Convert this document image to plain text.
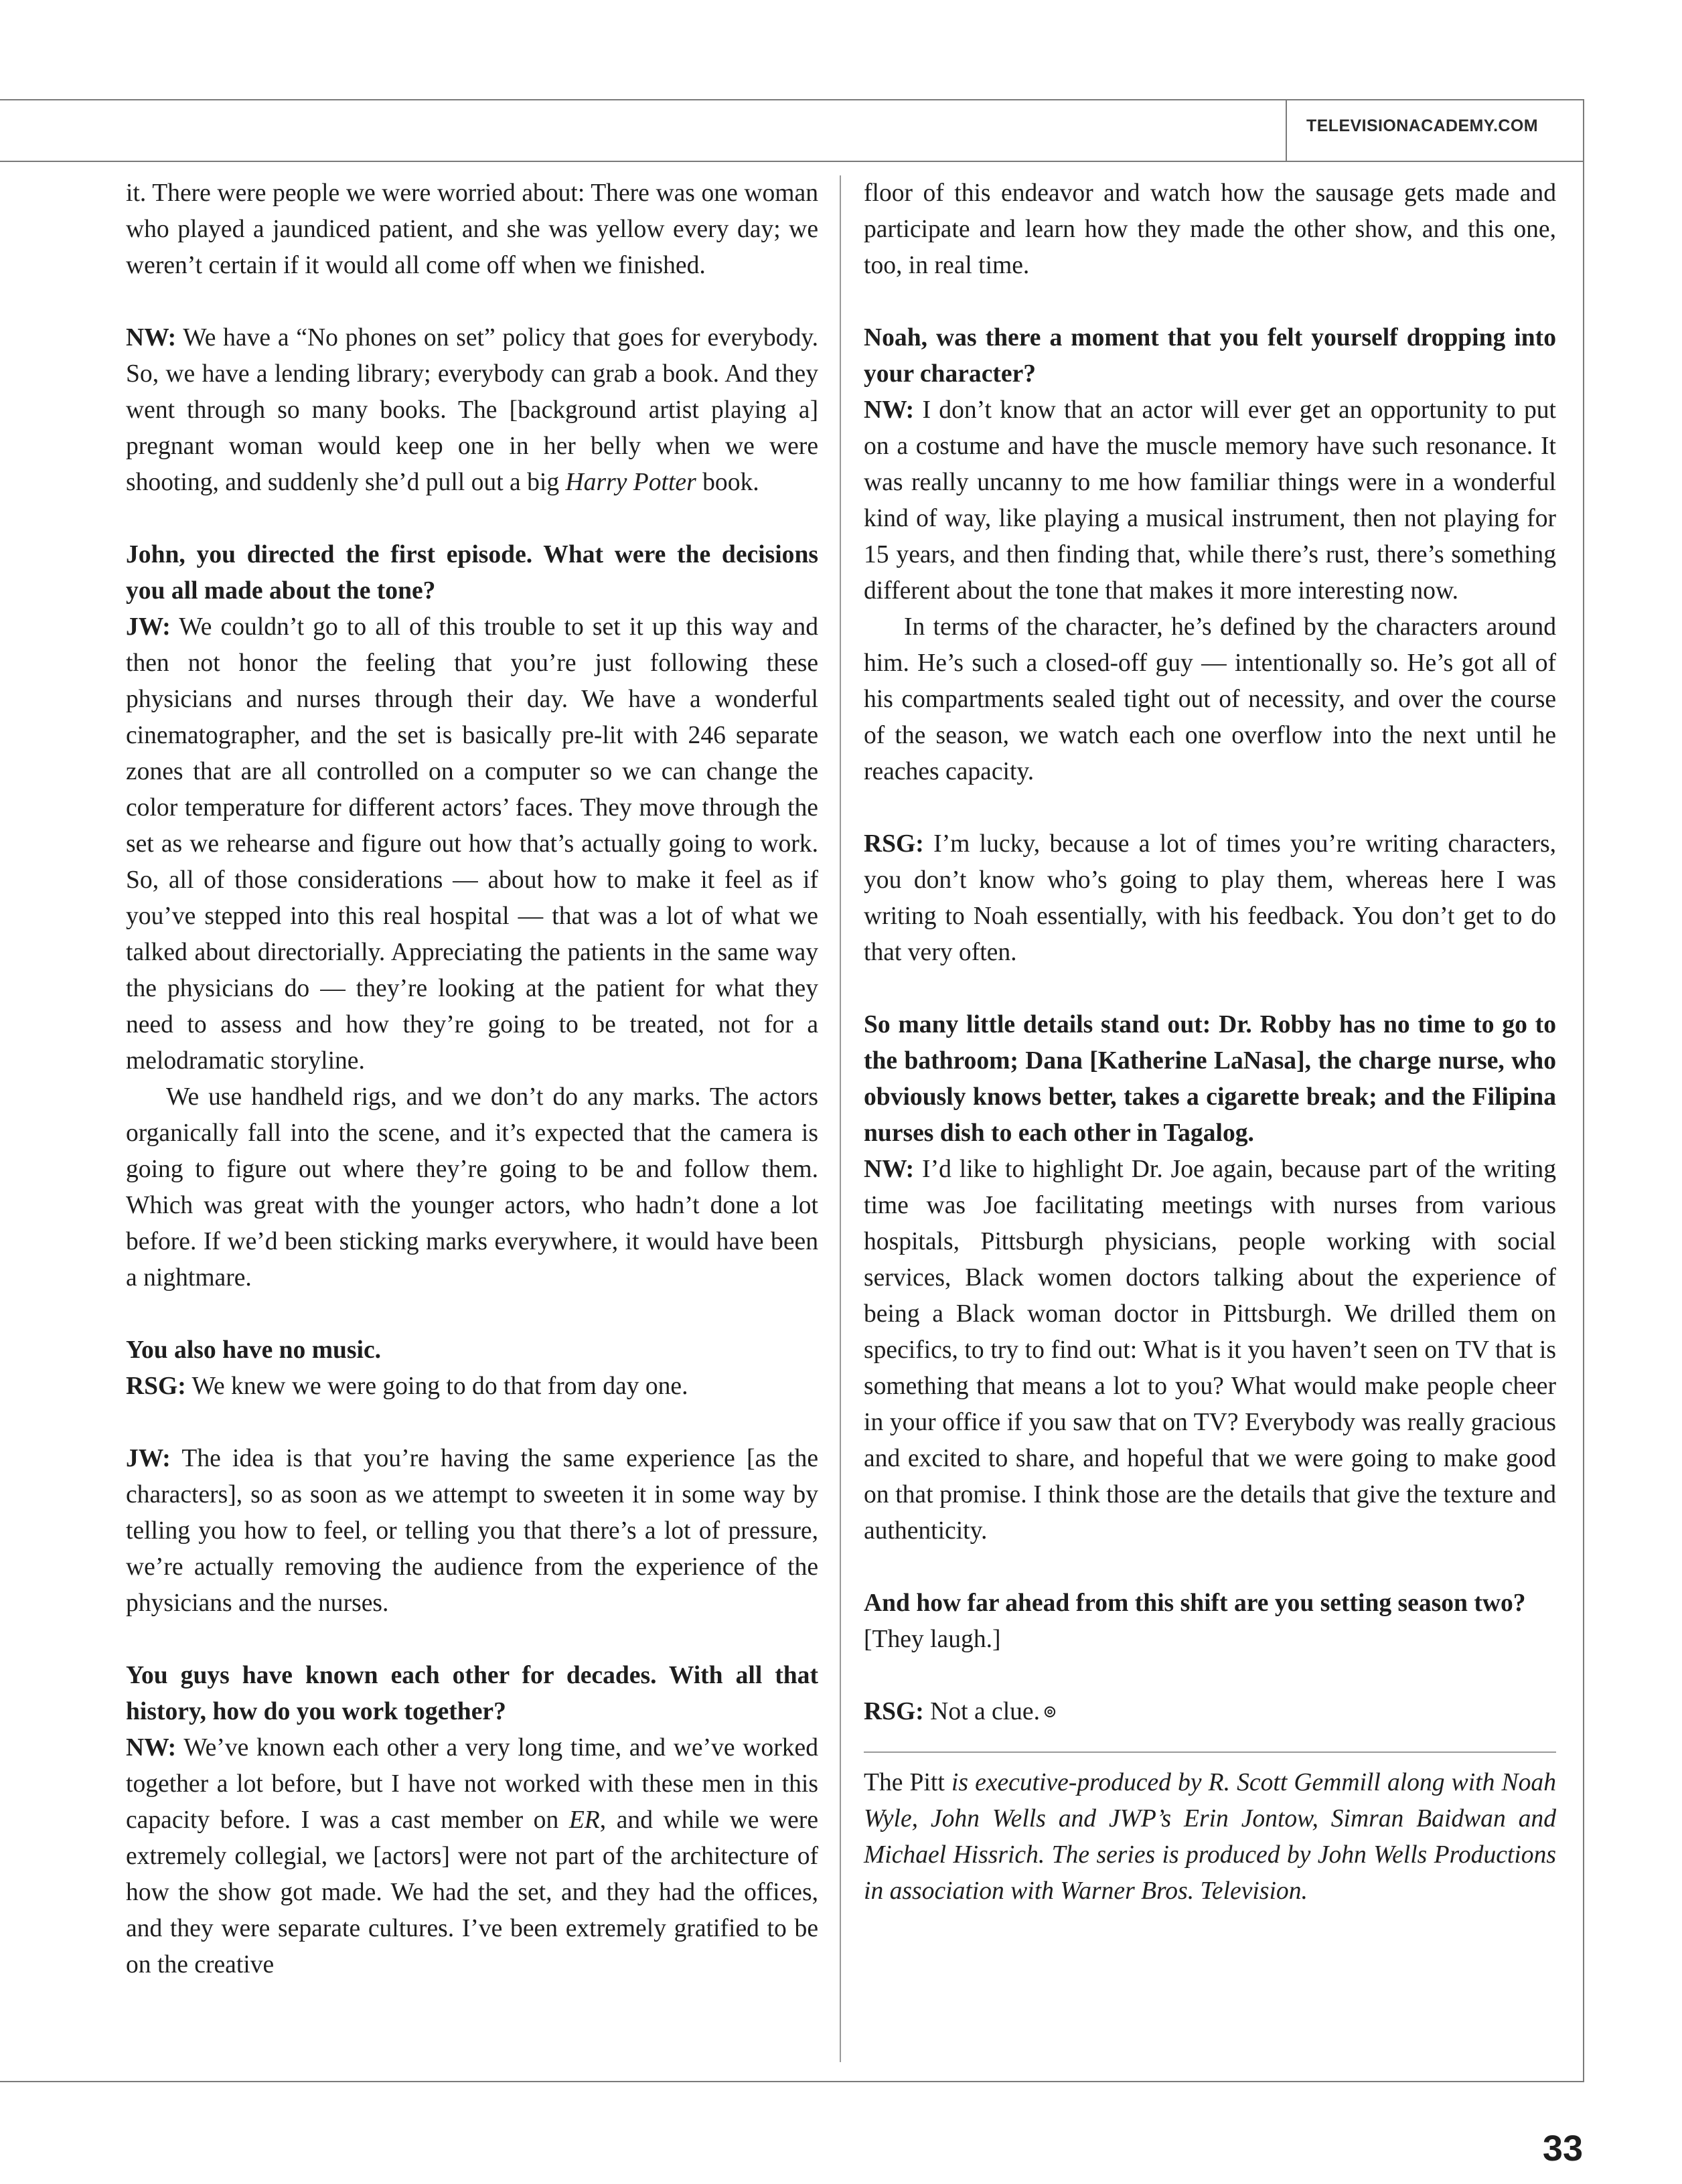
TELEVISIONACADEMY.COM

it. There were people we were worried about: There was one woman who played a jaundiced patient, and she was yellow every day; we weren’t certain if it would all come off when we finished.

NW: We have a “No phones on set” policy that goes for everybody. So, we have a lending library; everybody can grab a book. And they went through so many books. The [background artist playing a] pregnant woman would keep one in her belly when we were shooting, and suddenly she’d pull out a big Harry Potter book.

John, you directed the first episode. What were the decisions you all made about the tone?
JW: We couldn’t go to all of this trouble to set it up this way and then not honor the feeling that you’re just following these physicians and nurses through their day. We have a wonderful cinematographer, and the set is basically pre-lit with 246 separate zones that are all controlled on a computer so we can change the color temperature for different actors’ faces. They move through the set as we rehearse and figure out how that’s actually going to work. So, all of those considerations — about how to make it feel as if you’ve stepped into this real hospital — that was a lot of what we talked about directorially. Appreciating the patients in the same way the physicians do — they’re looking at the patient for what they need to assess and how they’re going to be treated, not for a melodramatic storyline.

We use handheld rigs, and we don’t do any marks. The actors organically fall into the scene, and it’s expected that the camera is going to figure out where they’re going to be and follow them. Which was great with the younger actors, who hadn’t done a lot before. If we’d been sticking marks everywhere, it would have been a nightmare.

You also have no music.
RSG: We knew we were going to do that from day one.

JW: The idea is that you’re having the same experience [as the characters], so as soon as we attempt to sweeten it in some way by telling you how to feel, or telling you that there’s a lot of pressure, we’re actually removing the audience from the experience of the physicians and the nurses.

You guys have known each other for decades. With all that history, how do you work together?
NW: We’ve known each other a very long time, and we’ve worked together a lot before, but I have not worked with these men in this capacity before. I was a cast member on ER, and while we were extremely collegial, we [actors] were not part of the architecture of how the show got made. We had the set, and they had the offices, and they were separate cultures. I’ve been extremely gratified to be on the creative

floor of this endeavor and watch how the sausage gets made and participate and learn how they made the other show, and this one, too, in real time.

Noah, was there a moment that you felt yourself dropping into your character?
NW: I don’t know that an actor will ever get an opportunity to put on a costume and have the muscle memory have such resonance. It was really uncanny to me how familiar things were in a wonderful kind of way, like playing a musical instrument, then not playing for 15 years, and then finding that, while there’s rust, there’s something different about the tone that makes it more interesting now.

In terms of the character, he’s defined by the characters around him. He’s such a closed-off guy — intentionally so. He’s got all of his compartments sealed tight out of necessity, and over the course of the season, we watch each one overflow into the next until he reaches capacity.

RSG: I’m lucky, because a lot of times you’re writing characters, you don’t know who’s going to play them, whereas here I was writing to Noah essentially, with his feedback. You don’t get to do that very often.

So many little details stand out: Dr. Robby has no time to go to the bathroom; Dana [Katherine LaNasa], the charge nurse, who obviously knows better, takes a cigarette break; and the Filipina nurses dish to each other in Tagalog.
NW: I’d like to highlight Dr. Joe again, because part of the writing time was Joe facilitating meetings with nurses from various hospitals, Pittsburgh physicians, people working with social services, Black women doctors talking about the experience of being a Black woman doctor in Pittsburgh. We drilled them on specifics, to try to find out: What is it you haven’t seen on TV that is something that means a lot to you? What would make people cheer in your office if you saw that on TV? Everybody was really gracious and excited to share, and hopeful that we were going to make good on that promise. I think those are the details that give the texture and authenticity.

And how far ahead from this shift are you setting season two?
[They laugh.]

RSG: Not a clue. ⊚

The Pitt is executive-produced by R. Scott Gemmill along with Noah Wyle, John Wells and JWP’s Erin Jontow, Simran Baidwan and Michael Hissrich. The series is produced by John Wells Productions in association with Warner Bros. Television.

33
